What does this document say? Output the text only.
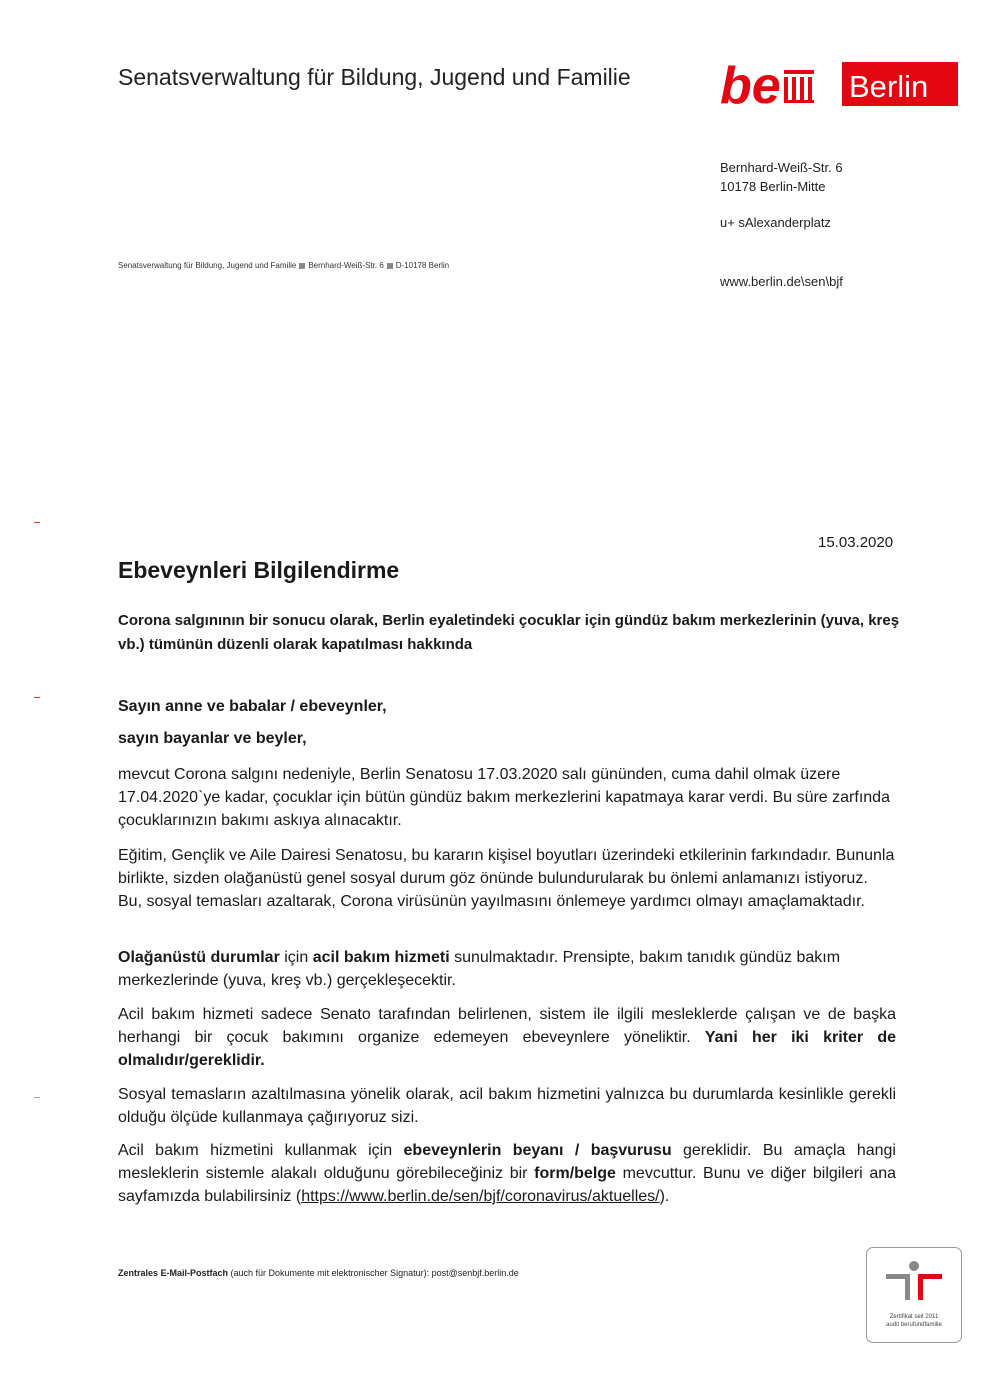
Senatsverwaltung für Bildung, Jugend und Familie be Berlin
Bernhard-Weiß-Str. 6
10178 Berlin-Mitte
u+ sAlexanderplatz
www.berlin.de\sen\bjf
Senatsverwaltung für Bildung, Jugend und Familie Bernhard-Weiß-Str. 6 D-10178 Berlin
15.03.2020
Ebeveynleri Bilgilendirme
Corona salgınının bir sonucu olarak, Berlin eyaletindeki çocuklar için gündüz bakım merkezlerinin (yuva, kreş vb.) tümünün düzenli olarak kapatılması hakkında
Sayın anne ve babalar / ebeveynler,
sayın bayanlar ve beyler,
mevcut Corona salgını nedeniyle, Berlin Senatosu 17.03.2020 salı gününden, cuma dahil olmak üzere 17.04.2020`ye kadar, çocuklar için bütün gündüz bakım merkezlerini kapatmaya karar verdi. Bu süre zarfında çocuklarınızın bakımı askıya alınacaktır.
Eğitim, Gençlik ve Aile Dairesi Senatosu, bu kararın kişisel boyutları üzerindeki etkilerinin farkındadır. Bununla birlikte, sizden olağanüstü genel sosyal durum göz önünde bulundurularak bu önlemi anlamanızı istiyoruz. Bu, sosyal temasları azaltarak, Corona virüsünün yayılmasını önlemeye yardımcı olmayı amaçlamaktadır.
Olağanüstü durumlar için acil bakım hizmeti sunulmaktadır. Prensipte, bakım tanıdık gündüz bakım merkezlerinde (yuva, kreş vb.) gerçekleşecektir.
Acil bakım hizmeti sadece Senato tarafından belirlenen, sistem ile ilgili mesleklerde çalışan ve de başka herhangi bir çocuk bakımını organize edemeyen ebeveynlere yöneliktir. Yani her iki kriter de olmalıdır/gereklidir.
Sosyal temasların azaltılmasına yönelik olarak, acil bakım hizmetini yalnızca bu durumlarda kesinlikle gerekli olduğu ölçüde kullanmaya çağırıyoruz sizi.
Acil bakım hizmetini kullanmak için ebeveynlerin beyanı / başvurusu gereklidir. Bu amaçla hangi mesleklerin sistemle alakalı olduğunu görebileceğiniz bir form/belge mevcuttur. Bunu ve diğer bilgileri ana sayfamızda bulabilirsiniz (https://www.berlin.de/sen/bjf/coronavirus/aktuelles/).
Zentrales E-Mail-Postfach (auch für Dokumente mit elektronischer Signatur): post@senbjf.berlin.de
Zertifikat seit 2011
audit berufundfamilie
